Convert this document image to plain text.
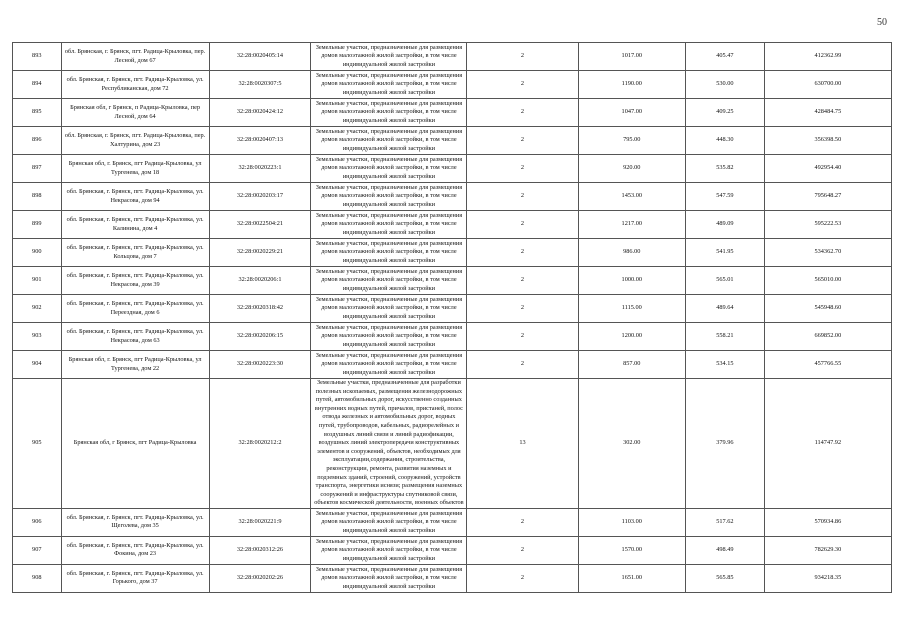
50
893	обл. Брянская, г. Брянск, пгт. Радица-Крыловка, пер. Лесной, дом 67	32:28:0020405:14	Земельные участки, предназначенные для размещения домов малоэтажной жилой застройки, в том числе индивидуальной жилой застройки	2	1017.00	405.47	412362.99
894	обл. Брянская, г. Брянск, пгт. Радица-Крыловка, ул. Республиканская, дом 72	32:28:0020307:5	Земельные участки, предназначенные для размещения домов малоэтажной жилой застройки, в том числе индивидуальной жилой застройки	2	1190.00	530.00	630700.00
895	Брянская обл, г Брянск, п Радица-Крыловка, пер Лесной, дом 64	32:28:0020424:12	Земельные участки, предназначенные для размещения домов малоэтажной жилой застройки, в том числе индивидуальной жилой застройки	2	1047.00	409.25	428484.75
896	обл. Брянская, г. Брянск, пгт. Радица-Крыловка, пер. Халтурина, дом 23	32:28:0020407:13	Земельные участки, предназначенные для размещения домов малоэтажной жилой застройки, в том числе индивидуальной жилой застройки	2	795.00	448.30	356398.50
897	Брянская обл, г. Брянск, пгт Радица-Крыловка, ул Тургенева, дом 18	32:28:0020223:1	Земельные участки, предназначенные для размещения домов малоэтажной жилой застройки, в том числе индивидуальной жилой застройки	2	920.00	535.82	492954.40
898	обл. Брянская, г. Брянск, пгт. Радица-Крыловка, ул. Некрасова, дом 94	32:28:0020203:17	Земельные участки, предназначенные для размещения домов малоэтажной жилой застройки, в том числе индивидуальной жилой застройки	2	1453.00	547.59	795648.27
899	обл. Брянская, г. Брянск, пгт. Радица-Крыловка, ул. Калинина, дом 4	32:28:0022504:21	Земельные участки, предназначенные для размещения домов малоэтажной жилой застройки, в том числе индивидуальной жилой застройки	2	1217.00	489.09	595222.53
900	обл. Брянская, г. Брянск, пгт. Радица-Крыловка, ул. Кольцова, дом 7	32:28:0020229:21	Земельные участки, предназначенные для размещения домов малоэтажной жилой застройки, в том числе индивидуальной жилой застройки	2	986.00	541.95	534362.70
901	обл. Брянская, г. Брянск, пгт. Радица-Крыловка, ул. Некрасова, дом 39	32:28:0020206:1	Земельные участки, предназначенные для размещения домов малоэтажной жилой застройки, в том числе индивидуальной жилой застройки	2	1000.00	565.01	565010.00
902	обл. Брянская, г. Брянск, пгт. Радица-Крыловка, ул. Переездная, дом 6	32:28:0020318:42	Земельные участки, предназначенные для размещения домов малоэтажной жилой застройки, в том числе индивидуальной жилой застройки	2	1115.00	489.64	545948.60
903	обл. Брянская, г. Брянск, пгт. Радица-Крыловка, ул. Некрасова, дом 63	32:28:0020206:15	Земельные участки, предназначенные для размещения домов малоэтажной жилой застройки, в том числе индивидуальной жилой застройки	2	1200.00	558.21	669852.00
904	Брянская обл, г. Брянск, пгт Радица-Крыловка, ул Тургенева, дом 22	32:28:0020223:30	Земельные участки, предназначенные для размещения домов малоэтажной жилой застройки, в том числе индивидуальной жилой застройки	2	857.00	534.15	457766.55
905	Брянская обл, г Брянск, пгт Радица-Крыловка	32:28:0020212:2	Земельные участки, предназначенные для разработки полезных ископаемых, размещения железнодорожных путей, автомобильных дорог, искусственно созданных внутренних водных путей, причалов, пристаней, полос отвода железных и автомобильных дорог, водных путей, трубопроводов, кабельных, радиорелейных и воздушных линий связи и линий радиофикации, воздушных линий электропередачи конструктивных элементов и сооружений, объектов, необходимых для эксплуатации,содержания, строительства, реконструкции, ремонта, развития наземных и подземных зданий, строений, сооружений, устройств транспорта, энергетики иснязи; размещения наземных сооружений и инфраструктуры спутниковой связи, объектов космической деятельности, военных объектов	13	302.00	379.96	114747.92
906	обл. Брянская, г. Брянск, пгт. Радица-Крыловка, ул. Щеголева, дом 35	32:28:0020221:9	Земельные участки, предназначенные для размещения домов малоэтажной жилой застройки, в том числе индивидуальной жилой застройки	2	1103.00	517.62	570934.86
907	обл. Брянская, г. Брянск, пгт. Радица-Крыловка, ул. Фокина, дом 23	32:28:0020312:26	Земельные участки, предназначенные для размещения домов малоэтажной жилой застройки, в том числе индивидуальной жилой застройки	2	1570.00	498.49	782629.30
908	обл. Брянская, г. Брянск, пгт. Радица-Крыловка, ул. Горького, дом 37	32:28:0020202:26	Земельные участки, предназначенные для размещения домов малоэтажной жилой застройки, в том числе индивидуальной жилой застройки	2	1651.00	565.85	934218.35
